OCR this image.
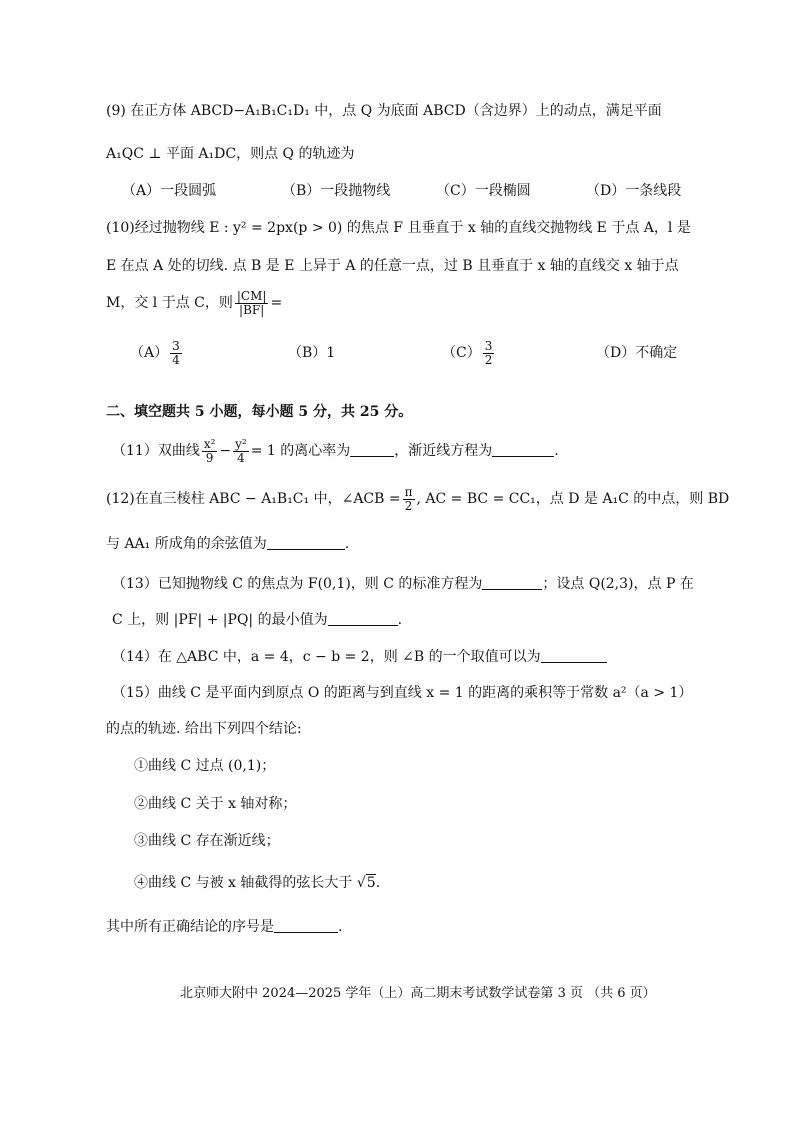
(9) 在正方体 ABCD−A₁B₁C₁D₁ 中，点 Q 为底面 ABCD（含边界）上的动点，满足平面
A₁QC ⊥ 平面 A₁DC，则点 Q 的轨迹为
（A）一段圆弧	（B）一段抛物线	（C）一段椭圆	（D）一条线段
(10)经过抛物线 E : y² = 2px(p > 0) 的焦点 F 且垂直于 x 轴的直线交抛物线 E 于点 A，l 是
E 在点 A 处的切线. 点 B 是 E 上异于 A 的任意一点，过 B 且垂直于 x 轴的直线交 x 轴于点
M，交 l 于点 C，则 $\frac{|CM|}{|BF|}$ =
$(A) \frac{3}{4}$	（B）1	$(C) \frac{3}{2}$	（D）不确定
二、填空题共 5 小题，每小题 5 分，共 25 分。
（11）双曲线 $\frac{\text{x²}}{9} - \frac{\text{y²}}{4} = 1$ 的离心率为	，渐近线方程为	.
(12)在直三棱柱 ABC − A₁B₁C₁ 中，∠ACB = $\frac{\pi}{2}$ , AC = BC = CC₁，点 D 是 A₁C 的中点，则 BD
与 AA₁ 所成角的余弦值为	.
（13）已知抛物线 C 的焦点为 F(0,1)，则 C 的标准方程为	；设点 Q(2,3)，点 P 在
C 上，则 |PF| + |PQ| 的最小值为	.
（14）在 △ABC 中，a = 4，c − b = 2，则 ∠B 的一个取值可以为
（15）曲线 C 是平面内到原点 O 的距离与到直线 x = 1 的距离的乘积等于常数 a²（a > 1）
的点的轨迹. 给出下列四个结论:
①曲线 C 过点 (0,1)；
②曲线 C 关于 x 轴对称；
③曲线 C 存在渐近线；
④曲线 C 与被 x 轴截得的弦长大于 √5.
其中所有正确结论的序号是	.
北京师大附中 2024—2025 学年（上）高二期末考试数学试卷第 3 页 （共 6 页）
